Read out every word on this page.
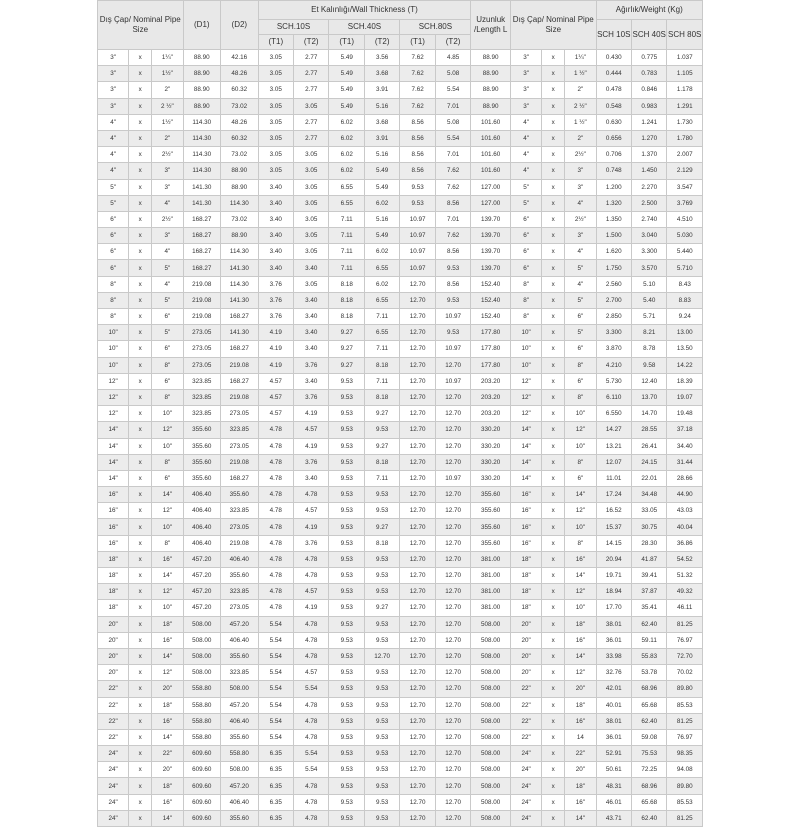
Dış Çap/ Nominal Pipe Size			(D1)	(D2)	Et Kalınlığı/Wall Thickness (T)						Uzunluk /Length L	Dış Çap/ Nominal Pipe Size			Ağırlık/Weight (Kg)		
					SCH.10S		SCH.40S		SCH.80S						SCH 10S	SCH 40S	SCH 80S
					(T1)	(T2)	(T1)	(T2)	(T1)	(T2)							
3"	x	1¼"	88.90	42.16	3.05	2.77	5.49	3.56	7.62	4.85	88.90	3"	x	1¼"	0.430	0.775	1.037
3"	x	1½"	88.90	48.26	3.05	2.77	5.49	3.68	7.62	5.08	88.90	3"	x	1 ½"	0.444	0.783	1.105
3"	x	2"	88.90	60.32	3.05	2.77	5.49	3.91	7.62	5.54	88.90	3"	x	2"	0.478	0.846	1.178
3"	x	2 ½"	88.90	73.02	3.05	3.05	5.49	5.16	7.62	7.01	88.90	3"	x	2 ½"	0.548	0.983	1.291
4"	x	1½"	114.30	48.26	3.05	2.77	6.02	3.68	8.56	5.08	101.60	4"	x	1 ½"	0.630	1.241	1.730
4"	x	2"	114.30	60.32	3.05	2.77	6.02	3.91	8.56	5.54	101.60	4"	x	2"	0.656	1.270	1.780
4"	x	2½"	114.30	73.02	3.05	3.05	6.02	5.16	8.56	7.01	101.60	4"	x	2½"	0.706	1.370	2.007
4"	x	3"	114.30	88.90	3.05	3.05	6.02	5.49	8.56	7.62	101.60	4"	x	3"	0.748	1.450	2.129
5"	x	3"	141.30	88.90	3.40	3.05	6.55	5.49	9.53	7.62	127.00	5"	x	3"	1.200	2.270	3.547
5"	x	4"	141.30	114.30	3.40	3.05	6.55	6.02	9.53	8.56	127.00	5"	x	4"	1.320	2.500	3.769
6"	x	2½"	168.27	73.02	3.40	3.05	7.11	5.16	10.97	7.01	139.70	6"	x	2½"	1.350	2.740	4.510
6"	x	3"	168.27	88.90	3.40	3.05	7.11	5.49	10.97	7.62	139.70	6"	x	3"	1.500	3.040	5.030
6"	x	4"	168.27	114.30	3.40	3.05	7.11	6.02	10.97	8.56	139.70	6"	x	4"	1.620	3.300	5.440
6"	x	5"	168.27	141.30	3.40	3.40	7.11	6.55	10.97	9.53	139.70	6"	x	5"	1.750	3.570	5.710
8"	x	4"	219.08	114.30	3.76	3.05	8.18	6.02	12.70	8.56	152.40	8"	x	4"	2.560	5.10	8.43
8"	x	5"	219.08	141.30	3.76	3.40	8.18	6.55	12.70	9.53	152.40	8"	x	5"	2.700	5.40	8.83
8"	x	6"	219.08	168.27	3.76	3.40	8.18	7.11	12.70	10.97	152.40	8"	x	6"	2.850	5.71	9.24
10"	x	5"	273.05	141.30	4.19	3.40	9.27	6.55	12.70	9.53	177.80	10"	x	5"	3.300	8.21	13.00
10"	x	6"	273.05	168.27	4.19	3.40	9.27	7.11	12.70	10.97	177.80	10"	x	6"	3.870	8.78	13.50
10"	x	8"	273.05	219.08	4.19	3.76	9.27	8.18	12.70	12.70	177.80	10"	x	8"	4.210	9.58	14.22
12"	x	6"	323.85	168.27	4.57	3.40	9.53	7.11	12.70	10.97	203.20	12"	x	6"	5.730	12.40	18.39
12"	x	8"	323.85	219.08	4.57	3.76	9.53	8.18	12.70	12.70	203.20	12"	x	8"	6.110	13.70	19.07
12"	x	10"	323.85	273.05	4.57	4.19	9.53	9.27	12.70	12.70	203.20	12"	x	10"	6.550	14.70	19.48
14"	x	12"	355.60	323.85	4.78	4.57	9.53	9.53	12.70	12.70	330.20	14"	x	12"	14.27	28.55	37.18
14"	x	10"	355.60	273.05	4.78	4.19	9.53	9.27	12.70	12.70	330.20	14"	x	10"	13.21	26.41	34.40
14"	x	8"	355.60	219.08	4.78	3.76	9.53	8.18	12.70	12.70	330.20	14"	x	8"	12.07	24.15	31.44
14"	x	6"	355.60	168.27	4.78	3.40	9.53	7.11	12.70	10.97	330.20	14"	x	6"	11.01	22.01	28.66
16"	x	14"	406.40	355.60	4.78	4.78	9.53	9.53	12.70	12.70	355.60	16"	x	14"	17.24	34.48	44.90
16"	x	12"	406.40	323.85	4.78	4.57	9.53	9.53	12.70	12.70	355.60	16"	x	12"	16.52	33.05	43.03
16"	x	10"	406.40	273.05	4.78	4.19	9.53	9.27	12.70	12.70	355.60	16"	x	10"	15.37	30.75	40.04
16"	x	8"	406.40	219.08	4.78	3.76	9.53	8.18	12.70	12.70	355.60	16"	x	8"	14.15	28.30	36.86
18"	x	16"	457.20	406.40	4.78	4.78	9.53	9.53	12.70	12.70	381.00	18"	x	16"	20.94	41.87	54.52
18"	x	14"	457.20	355.60	4.78	4.78	9.53	9.53	12.70	12.70	381.00	18"	x	14"	19.71	39.41	51.32
18"	x	12"	457.20	323.85	4.78	4.57	9.53	9.53	12.70	12.70	381.00	18"	x	12"	18.94	37.87	49.32
18"	x	10"	457.20	273.05	4.78	4.19	9.53	9.27	12.70	12.70	381.00	18"	x	10"	17.70	35.41	46.11
20"	x	18"	508.00	457.20	5.54	4.78	9.53	9.53	12.70	12.70	508.00	20"	x	18"	38.01	62.40	81.25
20"	x	16"	508.00	406.40	5.54	4.78	9.53	9.53	12.70	12.70	508.00	20"	x	16"	36.01	59.11	76.97
20"	x	14"	508.00	355.60	5.54	4.78	9.53	12.70	12.70	12.70	508.00	20"	x	14"	33.98	55.83	72.70
20"	x	12"	508.00	323.85	5.54	4.57	9.53	9.53	12.70	12.70	508.00	20"	x	12"	32.76	53.78	70.02
22"	x	20"	558.80	508.00	5.54	5.54	9.53	9.53	12.70	12.70	508.00	22"	x	20"	42.01	68.96	89.80
22"	x	18"	558.80	457.20	5.54	4.78	9.53	9.53	12.70	12.70	508.00	22"	x	18"	40.01	65.68	85.53
22"	x	16"	558.80	406.40	5.54	4.78	9.53	9.53	12.70	12.70	508.00	22"	x	16"	38.01	62.40	81.25
22"	x	14"	558.80	355.60	5.54	4.78	9.53	9.53	12.70	12.70	508.00	22"	x	14	36.01	59.08	76.97
24"	x	22"	609.60	558.80	6.35	5.54	9.53	9.53	12.70	12.70	508.00	24"	x	22"	52.91	75.53	98.35
24"	x	20"	609.60	508.00	6.35	5.54	9.53	9.53	12.70	12.70	508.00	24"	x	20"	50.61	72.25	94.08
24"	x	18"	609.60	457.20	6.35	4.78	9.53	9.53	12.70	12.70	508.00	24"	x	18"	48.31	68.96	89.80
24"	x	16"	609.60	406.40	6.35	4.78	9.53	9.53	12.70	12.70	508.00	24"	x	16"	46.01	65.68	85.53
24"	x	14"	609.60	355.60	6.35	4.78	9.53	9.53	12.70	12.70	508.00	24"	x	14"	43.71	62.40	81.25
